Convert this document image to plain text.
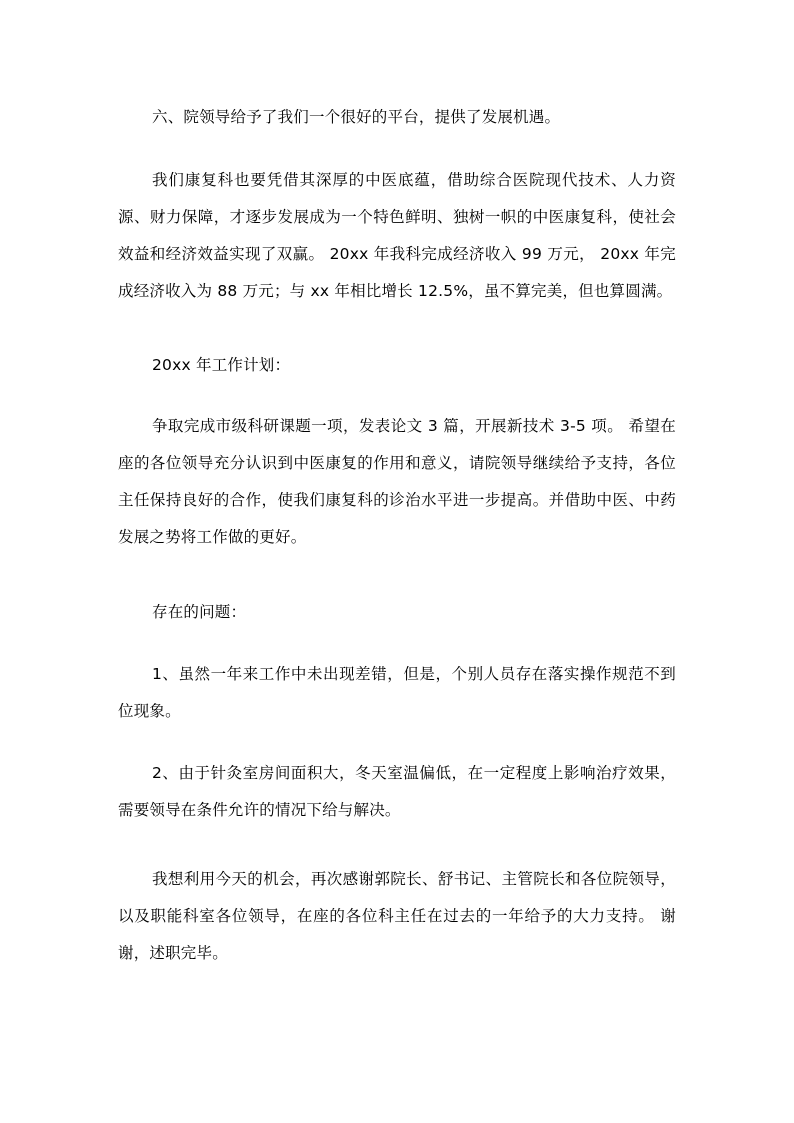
六、院领导给予了我们一个很好的平台，提供了发展机遇。

我们康复科也要凭借其深厚的中医底蕴，借助综合医院现代技术、人力资源、财力保障，才逐步发展成为一个特色鲜明、独树一帜的中医康复科，使社会效益和经济效益实现了双赢。 20xx 年我科完成经济收入 99 万元， 20xx 年完成经济收入为 88 万元；与 xx 年相比增长 12.5%，虽不算完美，但也算圆满。

20xx 年工作计划：

争取完成市级科研课题一项，发表论文 3 篇，开展新技术 3-5 项。 希望在座的各位领导充分认识到中医康复的作用和意义，请院领导继续给予支持，各位主任保持良好的合作，使我们康复科的诊治水平进一步提高。并借助中医、中药发展之势将工作做的更好。

存在的问题：

1、虽然一年来工作中未出现差错，但是，个别人员存在落实操作规范不到位现象。

2、由于针灸室房间面积大，冬天室温偏低，在一定程度上影响治疗效果，需要领导在条件允许的情况下给与解决。

我想利用今天的机会，再次感谢郭院长、舒书记、主管院长和各位院领导，以及职能科室各位领导，在座的各位科主任在过去的一年给予的大力支持。 谢谢，述职完毕。
